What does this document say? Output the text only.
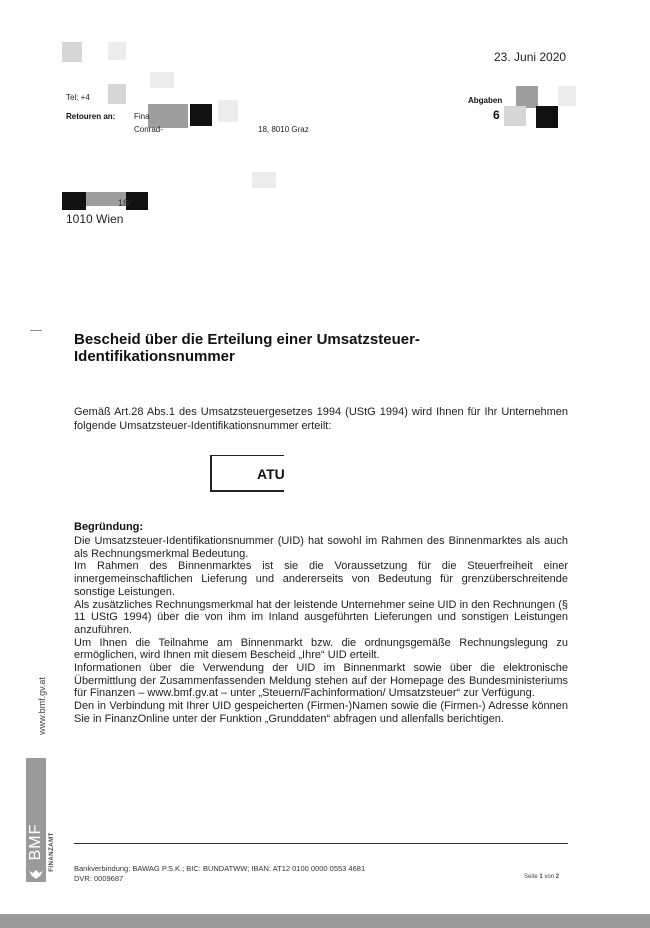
23. Juni 2020
Tel: +4
Retouren an: Fina
Conrad-	18, 8010 Graz
Abgaben
6
18/
1010 Wien
Bescheid über die Erteilung einer Umsatzsteuer-Identifikationsnummer
Gemäß Art.28 Abs.1 des Umsatzsteuergesetzes 1994 (UStG 1994) wird Ihnen für Ihr Unternehmen folgende Umsatzsteuer-Identifikationsnummer erteilt:
ATU
Begründung:

Die Umsatzsteuer-Identifikationsnummer (UID) hat sowohl im Rahmen des Binnenmarktes als auch als Rechnungsmerkmal Bedeutung.

Im Rahmen des Binnenmarktes ist sie die Voraussetzung für die Steuerfreiheit einer innergemeinschaftlichen Lieferung und andererseits von Bedeutung für grenzüberschreitende sonstige Leistungen.

Als zusätzliches Rechnungsmerkmal hat der leistende Unternehmer seine UID in den Rechnungen (§ 11 UStG 1994) über die von ihm im Inland ausgeführten Lieferungen und sonstigen Leistungen anzuführen.

Um Ihnen die Teilnahme am Binnenmarkt bzw. die ordnungsgemäße Rechnungslegung zu ermöglichen, wird Ihnen mit diesem Bescheid „Ihre“ UID erteilt.

Informationen über die Verwendung der UID im Binnenmarkt sowie über die elektronische Übermittlung der Zusammenfassenden Meldung stehen auf der Homepage des Bundesministeriums für Finanzen – www.bmf.gv.at – unter „Steuern/Fachinformation/ Umsatzsteuer“ zur Verfügung.

Den in Verbindung mit Ihrer UID gespeicherten (Firmen-)Namen sowie die (Firmen-) Adresse können Sie in FinanzOnline unter der Funktion „Grunddaten“ abfragen und allenfalls berichtigen.

www.bmf.gv.at
BMF FINANZAMT	Bankverbindung: BAWAG P.S.K.; BIC: BUNDATWW; IBAN: AT12 0100 0000 0553 4681
DVR: 0009687	Seite 1 von 2
